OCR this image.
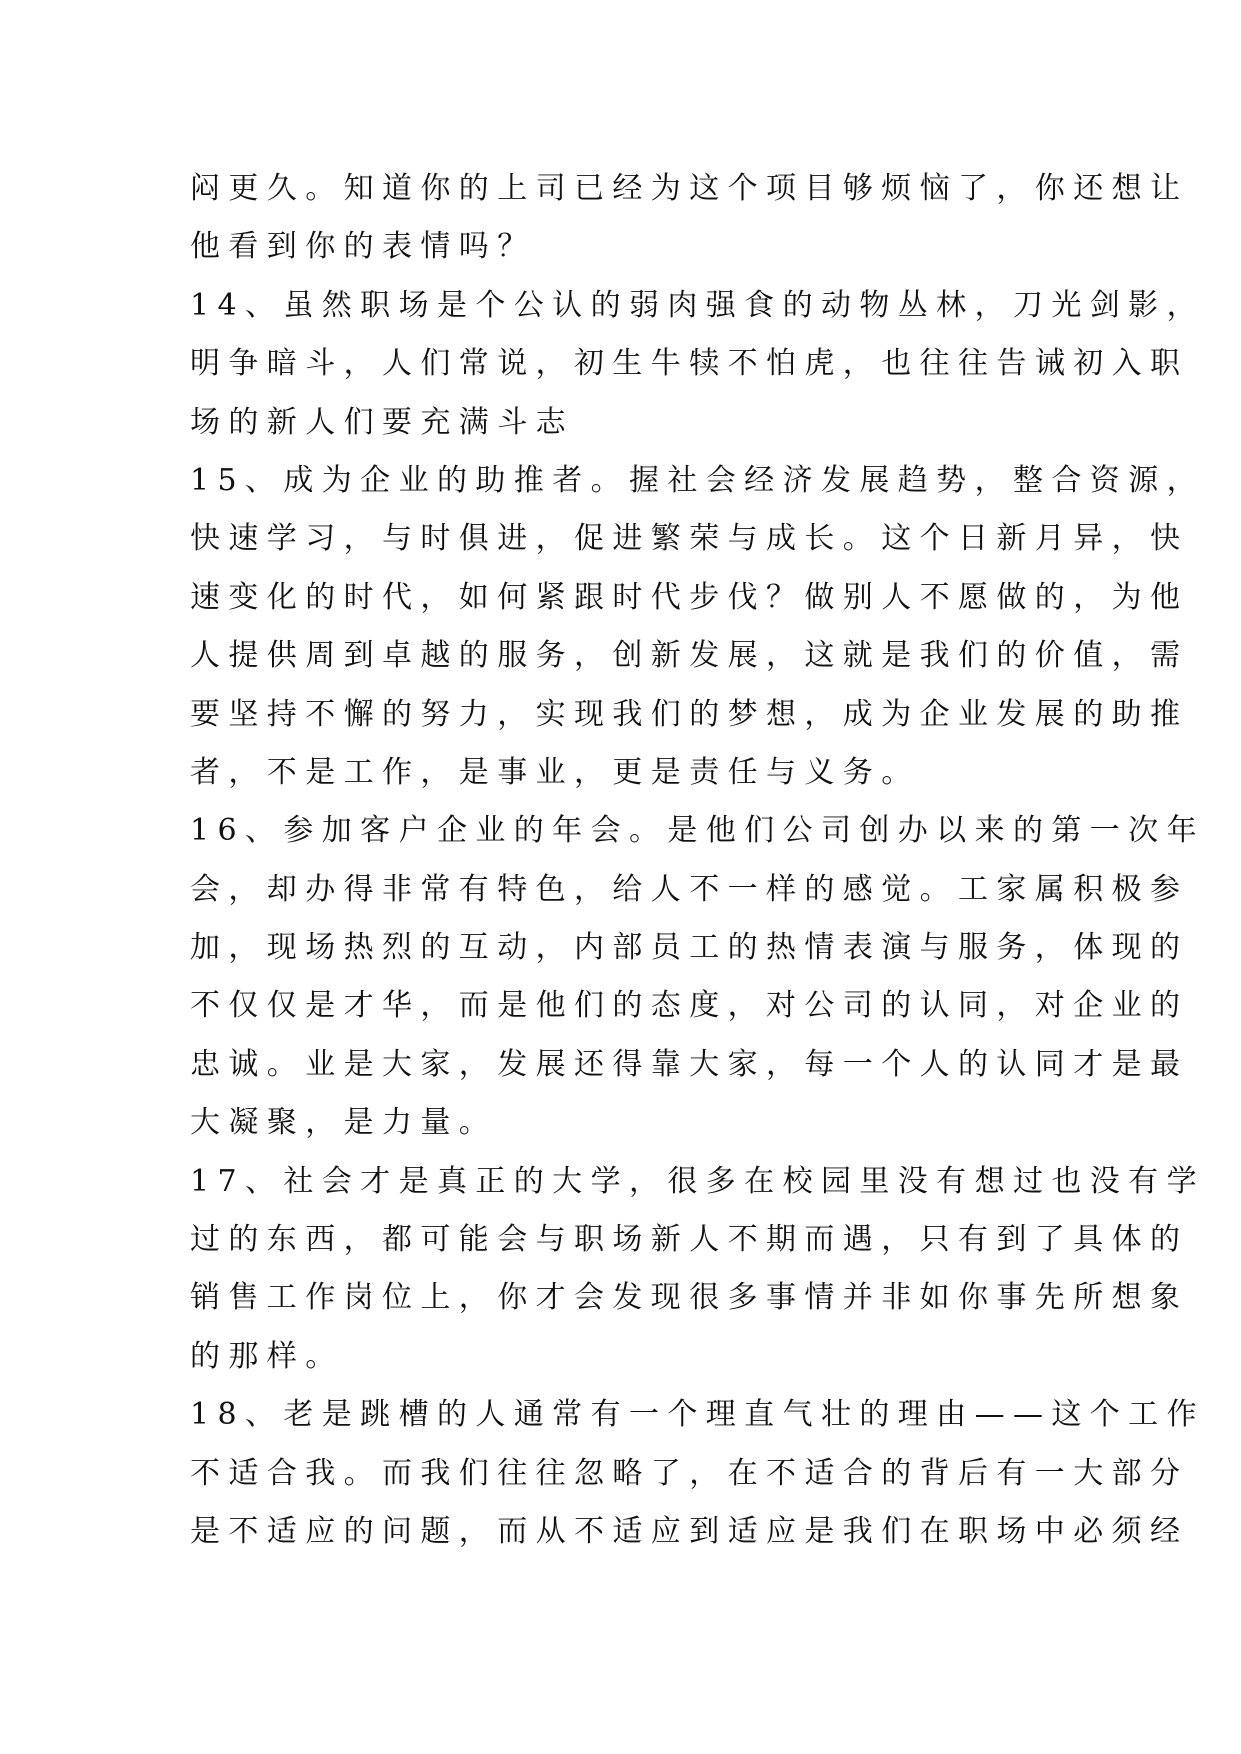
闷更久。知道你的上司已经为这个项目够烦恼了，你还想让
他看到你的表情吗？
14、虽然职场是个公认的弱肉强食的动物丛林，刀光剑影，
明争暗斗，人们常说，初生牛犊不怕虎，也往往告诫初入职
场的新人们要充满斗志
15、成为企业的助推者。握社会经济发展趋势，整合资源，
快速学习，与时俱进，促进繁荣与成长。这个日新月异，快
速变化的时代，如何紧跟时代步伐？做别人不愿做的，为他
人提供周到卓越的服务，创新发展，这就是我们的价值，需
要坚持不懈的努力，实现我们的梦想，成为企业发展的助推
者，不是工作，是事业，更是责任与义务。
16、参加客户企业的年会。是他们公司创办以来的第一次年
会，却办得非常有特色，给人不一样的感觉。工家属积极参
加，现场热烈的互动，内部员工的热情表演与服务，体现的
不仅仅是才华，而是他们的态度，对公司的认同，对企业的
忠诚。业是大家，发展还得靠大家，每一个人的认同才是最
大凝聚，是力量。
17、社会才是真正的大学，很多在校园里没有想过也没有学
过的东西，都可能会与职场新人不期而遇，只有到了具体的
销售工作岗位上，你才会发现很多事情并非如你事先所想象
的那样。
18、老是跳槽的人通常有一个理直气壮的理由——这个工作
不适合我。而我们往往忽略了，在不适合的背后有一大部分
是不适应的问题，而从不适应到适应是我们在职场中必须经
